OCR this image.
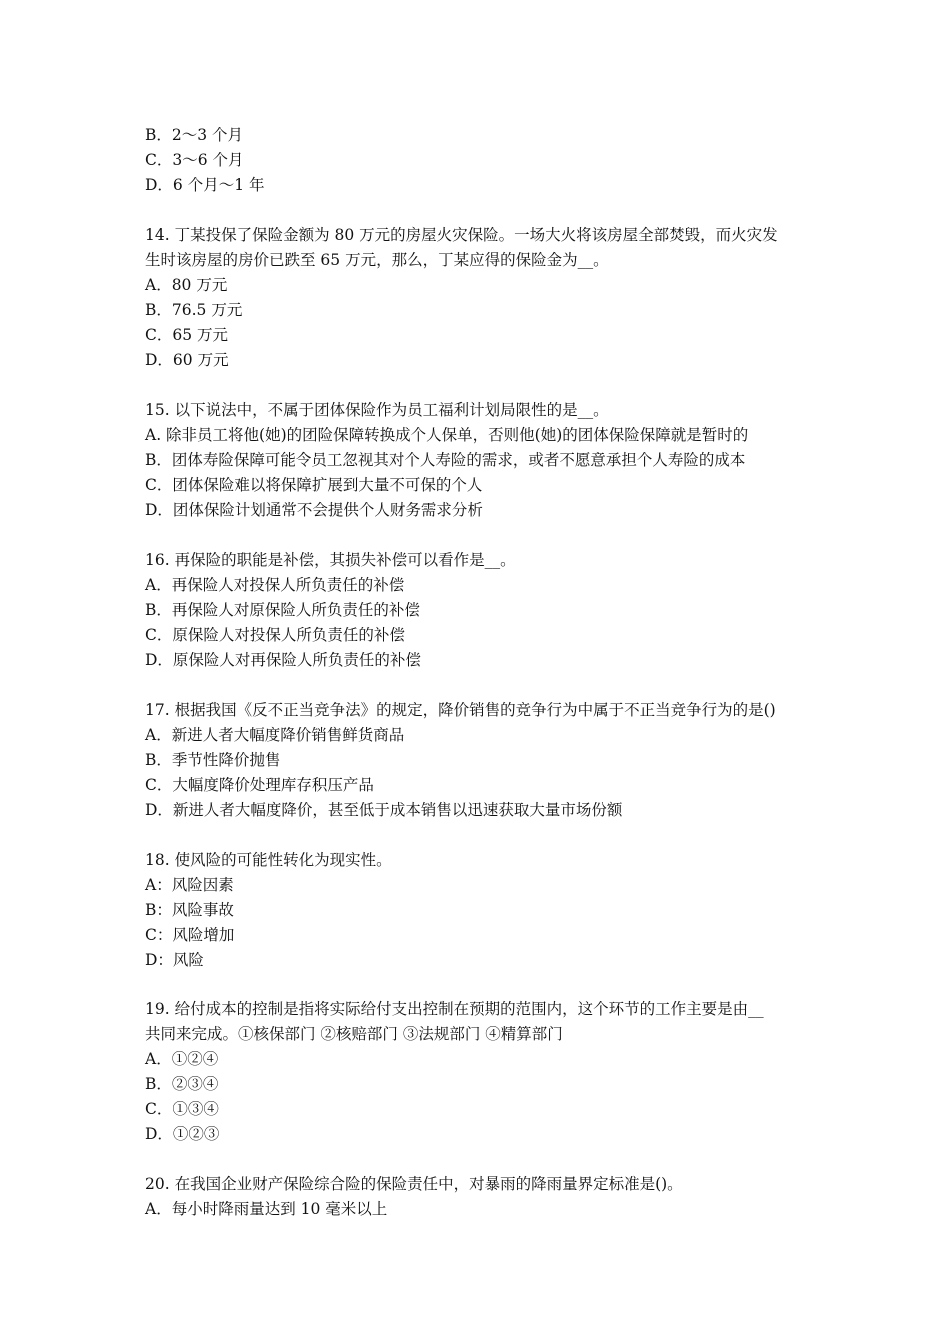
B．2～3 个月
C．3～6 个月
D．6 个月～1 年
14. 丁某投保了保险金额为 80 万元的房屋火灾保险。一场大火将该房屋全部焚毁，而火灾发
生时该房屋的房价已跌至 65 万元，那么，丁某应得的保险金为__。
A．80 万元
B．76.5 万元
C．65 万元
D．60 万元
15. 以下说法中，不属于团体保险作为员工福利计划局限性的是__。
A. 除非员工将他(她)的团险保障转换成个人保单，否则他(她)的团体保险保障就是暂时的
B．团体寿险保障可能令员工忽视其对个人寿险的需求，或者不愿意承担个人寿险的成本
C．团体保险难以将保障扩展到大量不可保的个人
D．团体保险计划通常不会提供个人财务需求分析
16. 再保险的职能是补偿，其损失补偿可以看作是__。
A．再保险人对投保人所负责任的补偿
B．再保险人对原保险人所负责任的补偿
C．原保险人对投保人所负责任的补偿
D．原保险人对再保险人所负责任的补偿
17. 根据我国《反不正当竞争法》的规定，降价销售的竞争行为中属于不正当竞争行为的是()
A．新进人者大幅度降价销售鲜货商品
B．季节性降价抛售
C．大幅度降价处理库存积压产品
D．新进人者大幅度降价，甚至低于成本销售以迅速获取大量市场份额
18. 使风险的可能性转化为现实性。
A：风险因素
B：风险事故
C：风险增加
D：风险
19. 给付成本的控制是指将实际给付支出控制在预期的范围内，这个环节的工作主要是由__
共同来完成。①核保部门 ②核赔部门 ③法规部门 ④精算部门
A．①②④
B．②③④
C．①③④
D．①②③
20. 在我国企业财产保险综合险的保险责任中，对暴雨的降雨量界定标准是()。
A．每小时降雨量达到 10 毫米以上
